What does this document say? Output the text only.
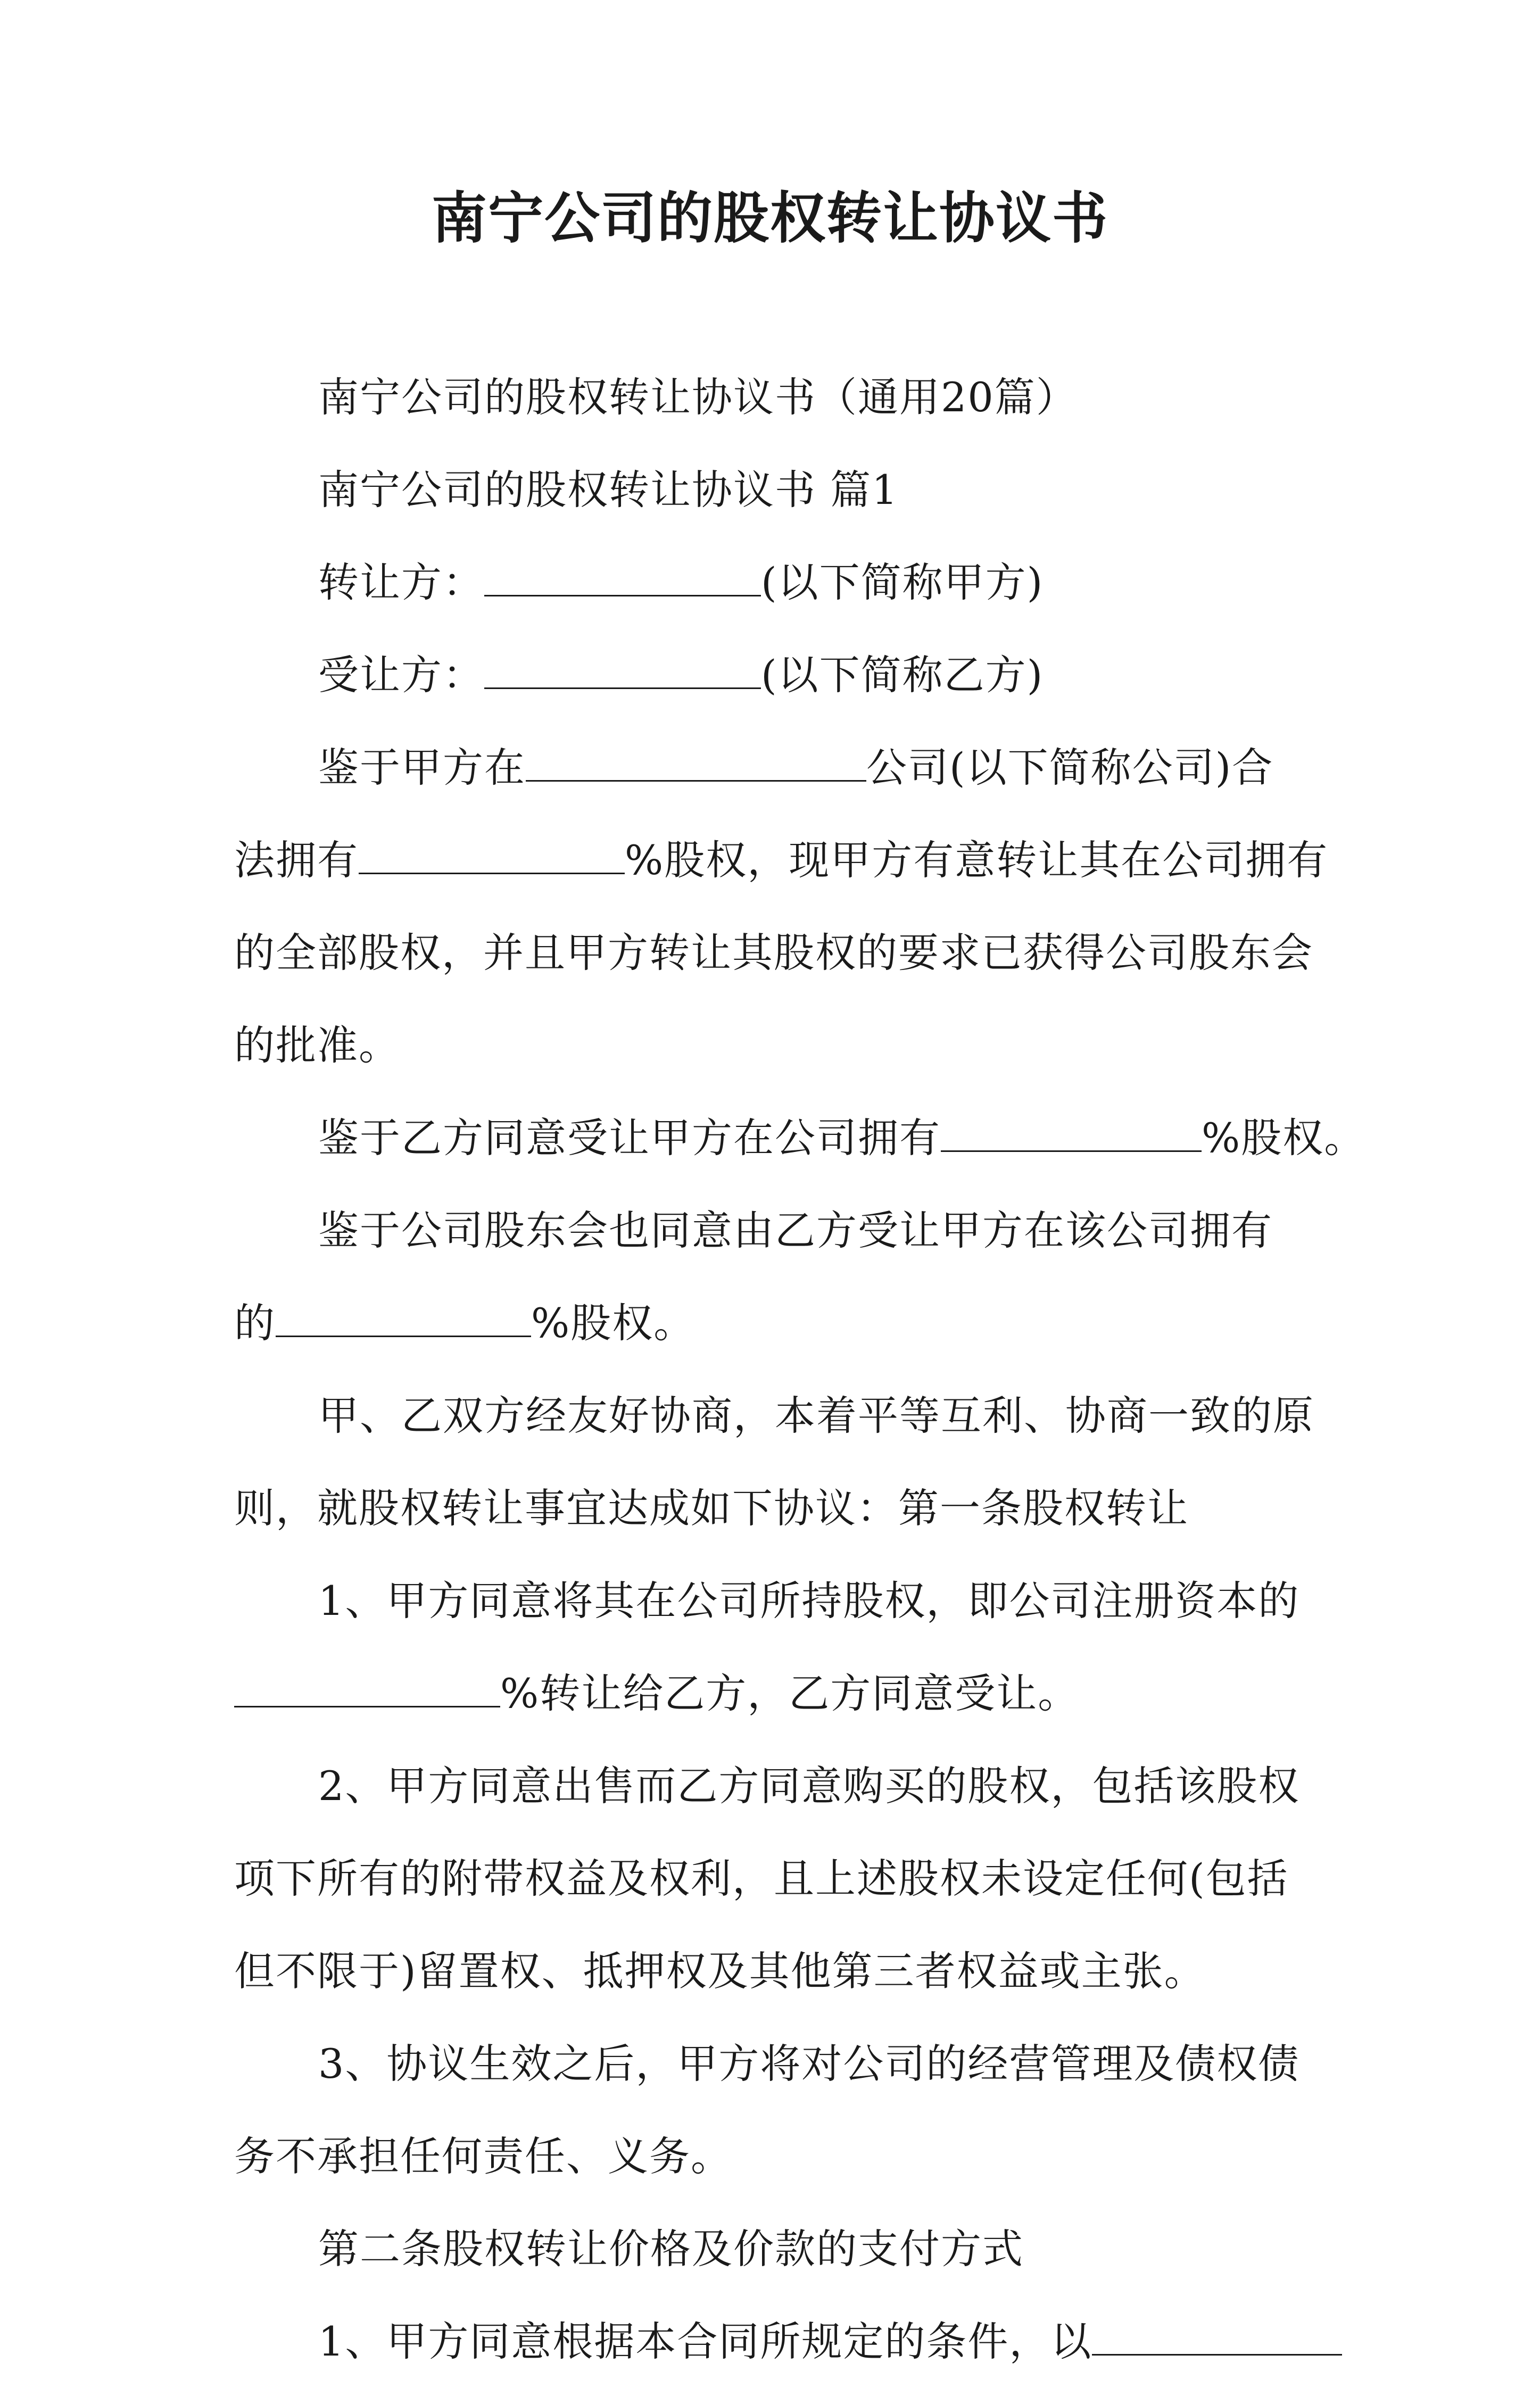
南宁公司的股权转让协议书
南宁公司的股权转让协议书（通用20篇）
南宁公司的股权转让协议书 篇1
转让方：	(以下简称甲方)
受让方：	(以下简称乙方)
鉴于甲方在	公司(以下简称公司)合
法拥有	%股权，现甲方有意转让其在公司拥有
的全部股权，并且甲方转让其股权的要求已获得公司股东会
的批准。
鉴于乙方同意受让甲方在公司拥有	%股权。
鉴于公司股东会也同意由乙方受让甲方在该公司拥有
的	%股权。
甲、乙双方经友好协商，本着平等互利、协商一致的原
则，就股权转让事宜达成如下协议：第一条股权转让
1、甲方同意将其在公司所持股权，即公司注册资本的
%转让给乙方，乙方同意受让。
2、甲方同意出售而乙方同意购买的股权，包括该股权
项下所有的附带权益及权利，且上述股权未设定任何(包括
但不限于)留置权、抵押权及其他第三者权益或主张。
3、协议生效之后，甲方将对公司的经营管理及债权债
务不承担任何责任、义务。
第二条股权转让价格及价款的支付方式
1、甲方同意根据本合同所规定的条件，以
